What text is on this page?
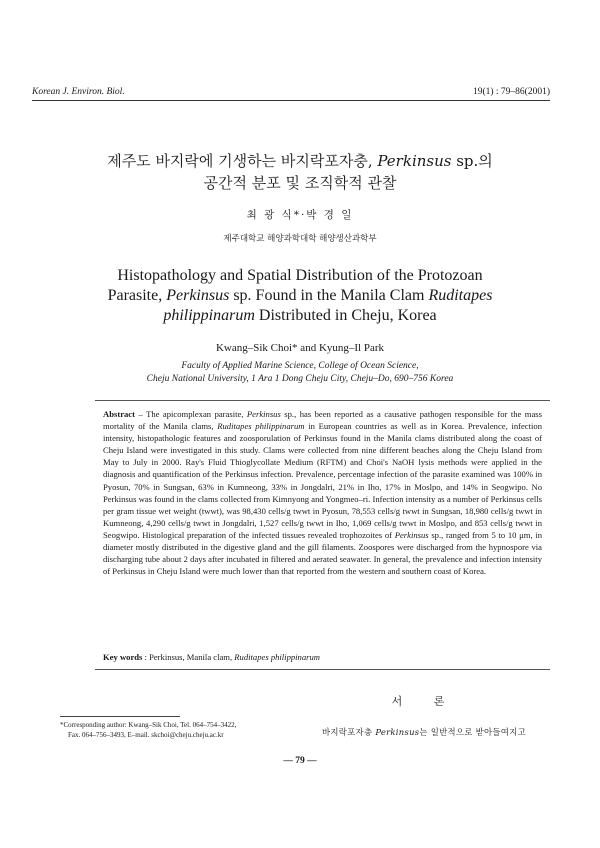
Korean J. Environ. Biol.	19(1) : 79–86(2001)
제주도 바지락에 기생하는 바지락포자충, Perkinsus sp.의
공간적 분포 및 조직학적 관찰
최 광 식*·박 경 일
제주대학교 해양과학대학 해양생산과학부
Histopathology and Spatial Distribution of the Protozoan
Parasite, Perkinsus sp. Found in the Manila Clam Ruditapes
philippinarum Distributed in Cheju, Korea
Kwang–Sik Choi* and Kyung–Il Park
Faculty of Applied Marine Science, College of Ocean Science,
Cheju National University, 1 Ara 1 Dong Cheju City, Cheju–Do, 690–756 Korea
Abstract – The apicomplexan parasite, Perkinsus sp., has been reported as a causative pathogen responsible for the mass mortality of the Manila clams, Ruditapes philippinarum in European countries as well as in Korea. Prevalence, infection intensity, histopathologic features and zoosporulation of Perkinsus found in the Manila clams distributed along the coast of Cheju Island were investigated in this study. Clams were collected from nine different beaches along the Cheju Island from May to July in 2000. Ray's Fluid Thioglycollate Medium (RFTM) and Choi's NaOH lysis methods were applied in the diagnosis and quantification of the Perkinsus infection. Prevalence, percentage infection of the parasite examined was 100% in Pyosun, 70% in Sungsan, 63% in Kumneong, 33% in Jongdalri, 21% in Iho, 17% in Moslpo, and 14% in Seogwipo. No Perkinsus was found in the clams collected from Kimnyong and Yongmeo–ri. Infection intensity as a number of Perkinsus cells per gram tissue wet weight (twwt), was 98,430 cells/g twwt in Pyosun, 78,553 cells/g twwt in Sungsan, 18,980 cells/g twwt in Kumneong, 4,290 cells/g twwt in Jongdalri, 1,527 cells/g twwt in Iho, 1,069 cells/g twwt in Moslpo, and 853 cells/g twwt in Seogwipo. Histological preparation of the infected tissues revealed trophozoites of Perkinsus sp., ranged from 5 to 10 μm, in diameter mostly distributed in the digestive gland and the gill filaments. Zoospores were discharged from the hypnospore via discharging tube about 2 days after incubated in filtered and aerated seawater. In general, the prevalence and infection intensity of Perkinsus in Cheju Island were much lower than that reported from the western and southern coast of Korea.
Key words : Perkinsus, Manila clam, Ruditapes philippinarum
서 론
바지락포자충 Perkinsus는 일반적으로 받아들여지고
*Corresponding author: Kwang–Sik Choi, Tel. 064–754–3422,
Fax. 064–756–3493, E–mail. skchoi@cheju.cheju.ac.kr
— 79 —
